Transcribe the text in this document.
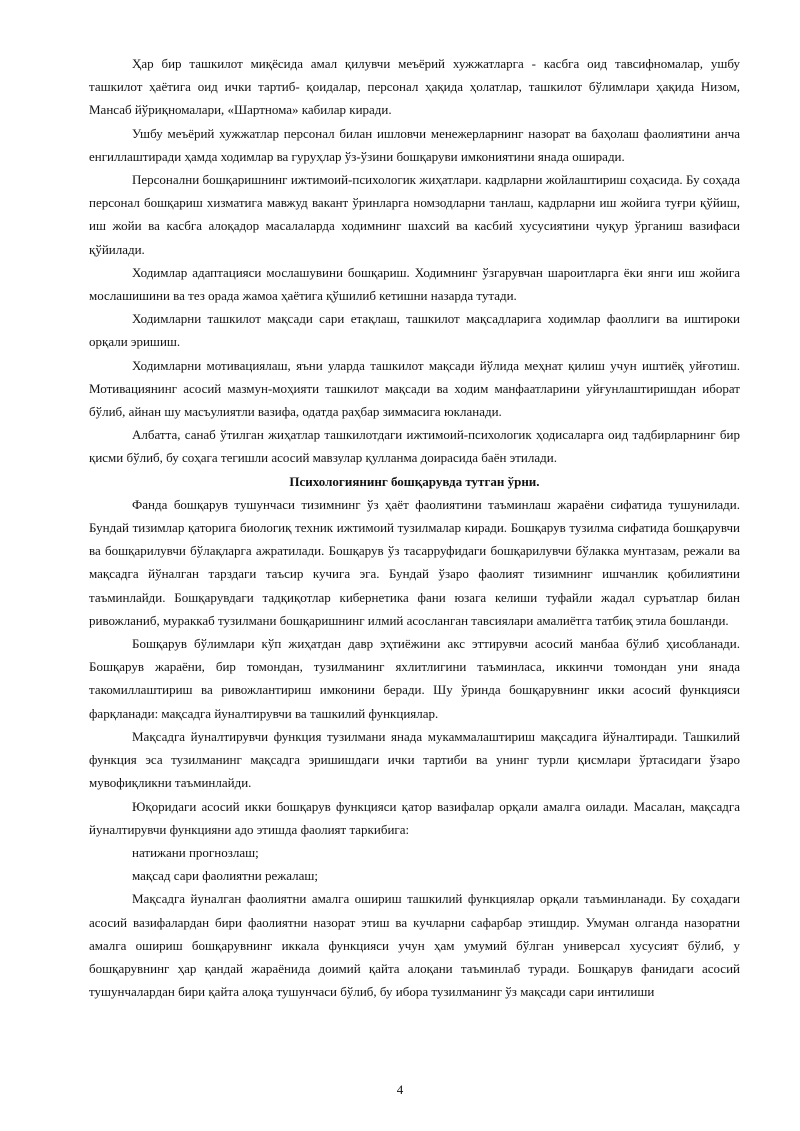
Ҳар бир ташкилот миқёсида амал қилувчи меъёрий хужжатларга - касбга оид тавсифномалар, ушбу ташкилот ҳаётига оид ички тартиб- қоидалар, персонал ҳақида ҳолатлар, ташкилот бўлимлари ҳақида Низом, Мансаб йўриқномалари, «Шартнома» кабилар киради.

Ушбу меъёрий хужжатлар персонал билан ишловчи менежерларнинг назорат ва баҳолаш фаолиятини анча енгиллаштиради ҳамда ходимлар ва гуруҳлар ўз-ўзини бошқаруви имкониятини янада оширади.

Персонални бошқаришнинг ижтимоий-психологик жиҳатлари. кадрларни жойлаштириш соҳасида. Бу соҳада персонал бошқариш хизматига мавжуд вакант ўринларга номзодларни танлаш, кадрларни иш жойига туғри қўйиш, иш жойи ва касбга алоқадор масалаларда ходимнинг шахсий ва касбий хусусиятини чуқур ўрганиш вазифаси қўйилади.

Ходимлар адаптацияси мослашувини бошқариш. Ходимнинг ўзгарувчан шароитларга ёки янги иш жойига мослашишини ва тез орада жамоа ҳаётига қўшилиб кетишни назарда тутади.

Ходимларни ташкилот мақсади сари етақлаш, ташкилот мақсадларига ходимлар фаоллиги ва иштироки орқали эришиш.

Ходимларни мотивациялаш, яъни уларда ташкилот мақсади йўлида меҳнат қилиш учун иштиёқ уйғотиш. Мотивациянинг асосий мазмун-моҳияти ташкилот мақсади ва ходим манфаатларини уйғунлаштиришдан иборат бўлиб, айнан шу масъулиятли вазифа, одатда раҳбар зиммасига юкланади.

Албатта, санаб ўтилган жиҳатлар ташкилотдаги ижтимоий-психологик ҳодисаларга оид тадбирларнинг бир қисми бўлиб, бу соҳага тегишли асосий мавзулар қулланма доирасида баён этилади.

Психологиянинг бошқарувда тутган ўрни.

Фанда бошқарув тушунчаси тизимнинг ўз ҳаёт фаолиятини таъминлаш жараёни сифатида тушунилади. Бундай тизимлар қаторига биологиқ техник ижтимоий тузилмалар киради. Бошқарув тузилма сифатида бошқарувчи ва бошқарилувчи бўлақларга ажратилади. Бошқарув ўз тасарруфидаги бошқарилувчи бўлакка мунтазам, режали ва мақсадга йўналган тарздаги таъсир кучига эга. Бундай ўзаро фаолият тизимнинг ишчанлик қобилиятини таъминлайди. Бошқарувдаги тадқиқотлар кибернетика фани юзага келиши туфайли жадал суръатлар билан ривожланиб, мураккаб тузилмани бошқаришнинг илмий асосланган тавсиялари амалиётга татбиқ этила бошланди.

Бошқарув бўлимлари кўп жиҳатдан давр эҳтиёжини акс эттирувчи асосий манбаа бўлиб ҳисобланади. Бошқарув жараёни, бир томондан, тузилманинг яхлитлигини таъминласа, иккинчи томондан уни янада такомиллаштириш ва ривожлантириш имконини беради. Шу ўринда бошқарувнинг икки асосий функцияси фарқланади: мақсадга йуналтирувчи ва ташкилий функциялар.

Мақсадга йуналтирувчи функция тузилмани янада мукаммалаштириш мақсадига йўналтиради. Ташкилий функция эса тузилманинг мақсадга эришишдаги ички тартиби ва унинг турли қисмлари ўртасидаги ўзаро мувофиқликни таъминлайди.

Юқоридаги асосий икки бошқарув функцияси қатор вазифалар орқали амалга оилади. Масалан, мақсадга йуналтирувчи функцияни адо этишда фаолият таркибига:

натижани прогнозлаш;

мақсад сари фаолиятни режалаш;

Мақсадга йуналган фаолиятни амалга ошириш ташкилий функциялар орқали таъминланади. Бу соҳадаги асосий вазифалардан бири фаолиятни назорат этиш ва кучларни сафарбар этишдир. Умуман олганда назоратни амалга ошириш бошқарувнинг иккала функцияси учун ҳам умумий бўлган универсал хусусият бўлиб, у бошқарувнинг ҳар қандай жараёнида доимий қайта алоқани таъминлаб туради. Бошқарув фанидаги асосий тушунчалардан бири қайта алоқа тушунчаси бўлиб, бу ибора тузилманинг ўз мақсади сари интилиши

4
